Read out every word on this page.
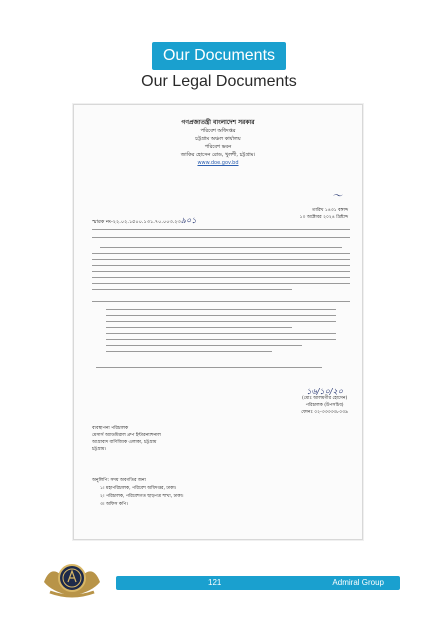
Our Documents
Our Legal Documents
গণপ্রজাতন্ত্রী বাংলাদেশ সরকার
পরিবেশ অধিদপ্তর
চট্টগ্রাম অঞ্চল কার্যালয়
পরিবেশ ভবন
জাকির হোসেন রোড, খুলশী, চট্টগ্রাম।
www.doe.gov.bd
〜
তারিখ ১৪৩১ বঙ্গাব্দ
১০ অক্টোবর ২০২৪ খ্রিষ্টাব্দ
স্মারক নং-২২.০২.১৫০০.১৩১.৭০.০০৩.২৩৯০১
১৬/১০/২০
(মোঃ আলমগীর হোসেন)
পরিচালক (উপসচিব)
ফোনঃ ০২-৩৩৩৩৩৮০৩৯
ব্যবস্থাপনা পরিচালক
মেসার্স অ্যাডমিরাল গ্রুপ ইন্টারন্যাশনাল
আগ্রাবাদ বাণিজ্যিক এলাকা, চট্টগ্রাম
চট্টগ্রাম।
অনুলিপি: সদয় অবগতির জন্য
১। মহাপরিচালক, পরিবেশ অধিদপ্তর, ঢাকা।
২। পরিচালক, পরিবেশগত ছাড়পত্র শাখা, ঢাকা।
৩। অফিস কপি।
121	Admiral Group
